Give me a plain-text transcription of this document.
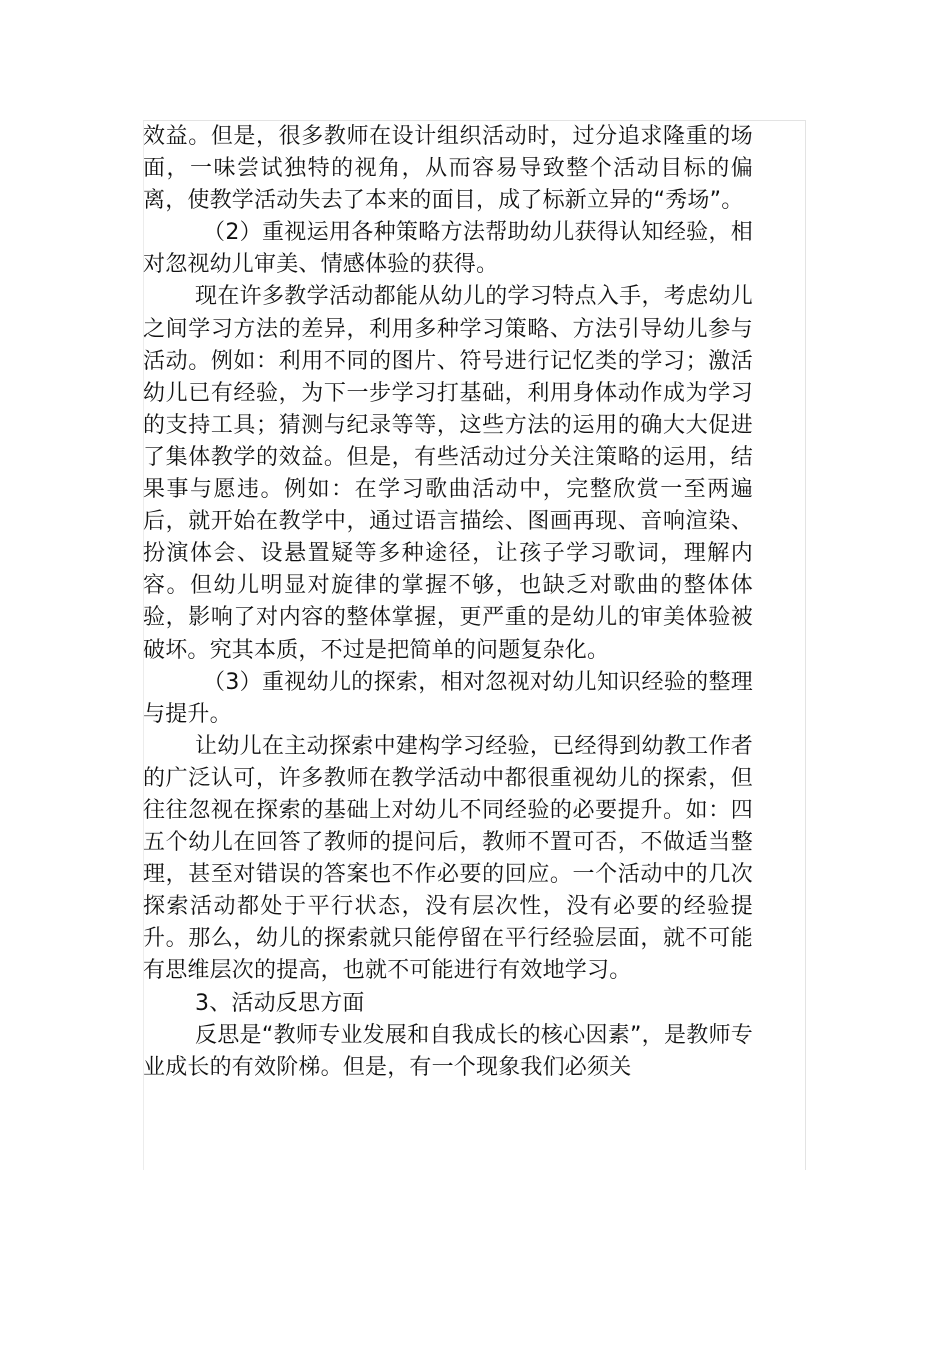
效益。但是，很多教师在设计组织活动时，过分追求隆重的场面，一味尝试独特的视角，从而容易导致整个活动目标的偏离，使教学活动失去了本来的面目，成了标新立异的“秀场”。

（2）重视运用各种策略方法帮助幼儿获得认知经验，相对忽视幼儿审美、情感体验的获得。

现在许多教学活动都能从幼儿的学习特点入手，考虑幼儿之间学习方法的差异，利用多种学习策略、方法引导幼儿参与活动。例如：利用不同的图片、符号进行记忆类的学习；激活幼儿已有经验，为下一步学习打基础，利用身体动作成为学习的支持工具；猜测与纪录等等，这些方法的运用的确大大促进了集体教学的效益。但是，有些活动过分关注策略的运用，结果事与愿违。例如：在学习歌曲活动中，完整欣赏一至两遍后，就开始在教学中，通过语言描绘、图画再现、音响渲染、扮演体会、设悬置疑等多种途径，让孩子学习歌词，理解内容。但幼儿明显对旋律的掌握不够，也缺乏对歌曲的整体体验，影响了对内容的整体掌握，更严重的是幼儿的审美体验被破坏。究其本质，不过是把简单的问题复杂化。

（3）重视幼儿的探索，相对忽视对幼儿知识经验的整理与提升。

让幼儿在主动探索中建构学习经验，已经得到幼教工作者的广泛认可，许多教师在教学活动中都很重视幼儿的探索，但往往忽视在探索的基础上对幼儿不同经验的必要提升。如：四五个幼儿在回答了教师的提问后，教师不置可否，不做适当整理，甚至对错误的答案也不作必要的回应。一个活动中的几次探索活动都处于平行状态，没有层次性，没有必要的经验提升。那么，幼儿的探索就只能停留在平行经验层面，就不可能有思维层次的提高，也就不可能进行有效地学习。

3、活动反思方面

反思是“教师专业发展和自我成长的核心因素”，是教师专业成长的有效阶梯。但是，有一个现象我们必须关
